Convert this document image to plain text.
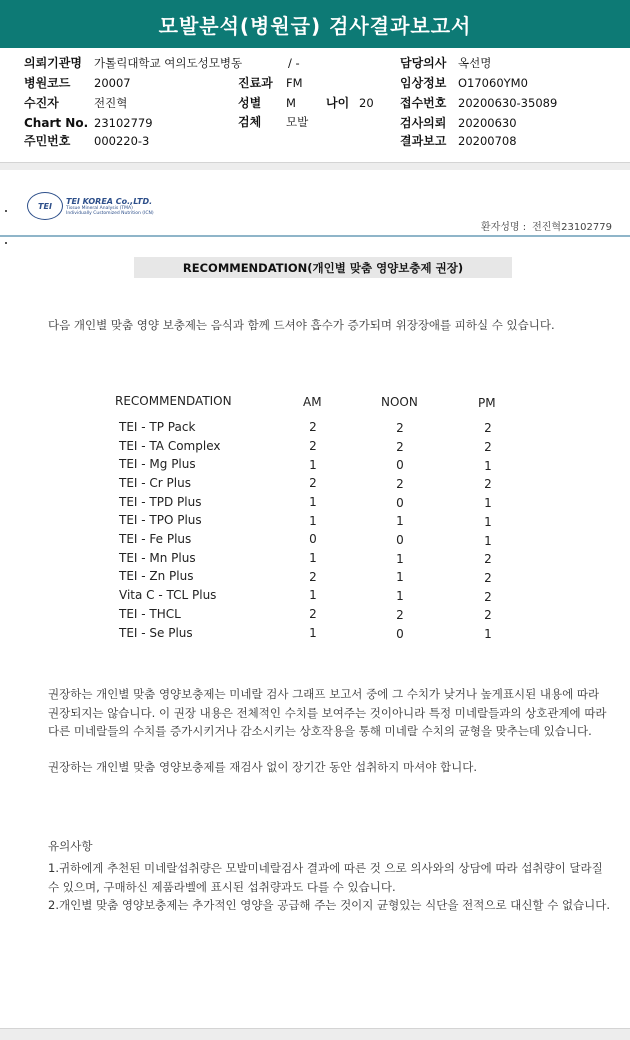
모발분석(병원급) 검사결과보고서
의뢰기관명 가톨릭대학교 여의도성모병동	/ -
병원코드 20007
수진자	전진혁
Chart No. 23102779
주민번호 000220-3
진료과 FM
성별 M	나이 20
검체 모발
담당의사 옥선명
임상정보 O17060YM0
접수번호 20200630-35089
검사의뢰 20200630
결과보고 20200708
TEI
TEI KOREA Co.,LTD.
Tissue Mineral Analysis (TMA)
Individually Customized Nutrition (ICN)
환자성명 : 전진혁23102779
RECOMMENDATION(개인별 맞춤 영양보충제 권장)
다음 개인별 맞춤 영양 보충제는 음식과 함께 드셔야 흡수가 증가되며 위장장애를 피하실 수 있습니다.
RECOMMENDATION	AM	NOON	PM
TEI - TP Pack	2	2	2
TEI - TA Complex	2	2	2
TEI - Mg Plus	1	0	1
TEI - Cr Plus	2	2	2
TEI - TPD Plus	1	0	1
TEI - TPO Plus	1	1	1
TEI - Fe Plus	0	0	1
TEI - Mn Plus	1	1	2
TEI - Zn Plus	2	1	2
Vita C - TCL Plus	1	1	2
TEI - THCL	2	2	2
TEI - Se Plus	1	0	1
권장하는 개인별 맞춤 영양보충제는 미네랄 검사 그래프 보고서 중에 그 수치가 낮거나 높게표시된 내용에 따라 권장되지는 않습니다. 이 권장 내용은 전체적인 수치를 보여주는 것이아니라 특정 미네랄들과의 상호관계에 따라 다른 미네랄들의 수치를 증가시키거나 감소시키는 상호작용을 통해 미네랄 수치의 균형을 맞추는데 있습니다.
권장하는 개인별 맞춤 영양보충제를 재검사 없이 장기간 동안 섭취하지 마셔야 합니다.
유의사항
1.귀하에게 추천된 미네랄섭취량은 모발미네랄검사 결과에 따른 것 으로 의사와의 상담에 따라 섭취량이 달라질 수 있으며, 구매하신 제품라벨에 표시된 섭취량과도 다를 수 있습니다.
2.개인별 맞춤 영양보충제는 추가적인 영양을 공급해 주는 것이지 균형있는 식단을 전적으로 대신할 수 없습니다.
